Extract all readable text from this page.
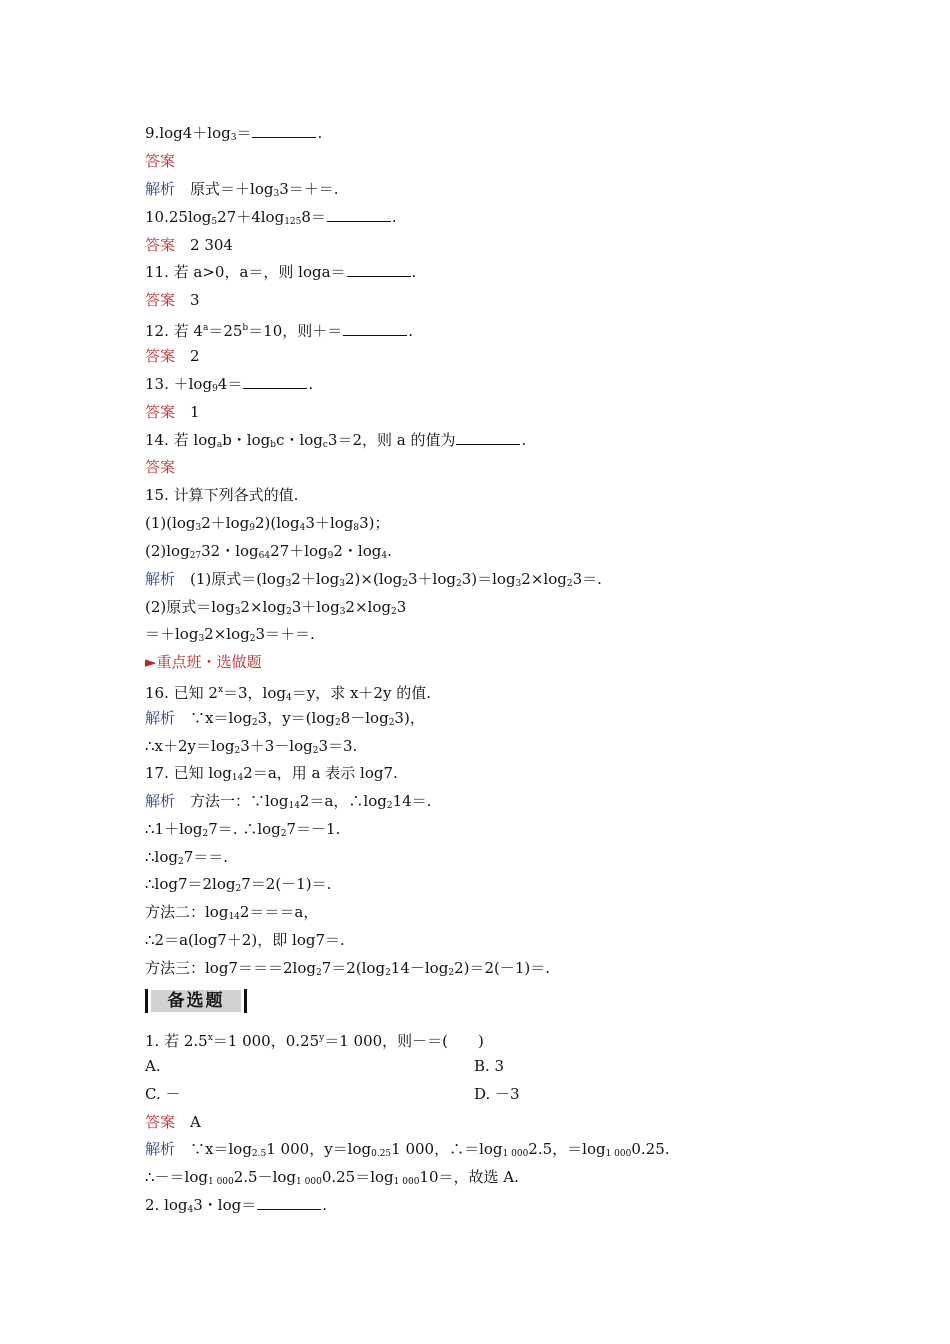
$9.\log 4+\log_3=$	.
答案
解析　 原式$=+\log_33=+=$.
$10.25\log_527+4\log_{125}8=$	.
答案　 2 304
11. 若 a>0，a＝，则 loga＝	.
答案　 3
12. 若 $4^a=25^b=10$，则＋＝	.
答案　 2
13. $+\log_94=$	.
答案　 1
14. 若 $\log_ab$・$\log_bc$・$\log_c3=2$，则 a 的值为	.
答案
15. 计算下列各式的值.
$(1)(\log_32+\log_92)(\log_43+\log_83)$；
$(2)\log_{27}32$・$\log_{64}27+\log_92$・$\log_4$.
解析　 (1)原式$=(\log_32+\log_32)\times(\log_23+\log_23)=\log_32\times\log_23=$.
(2)原式$=\log_32\times\log_23+\log_32\times\log_23$
$=+\log_32\times\log_23=+=$.
►重点班・选做题
16. 已知 $2^x=3$，$\log_4=y$，求 x＋2y 的值.
解析　 $\because x=\log_23$，$y=(\log_28-\log_23)$，
$\therefore x+2y=\log_23+3-\log_23=3$.
17. 已知 $\log_{14}2=a$，用 a 表示 log7.
解析　 方法一：$\because\log_{14}2=a$，$\therefore\log_214=$.
$\therefore 1+\log_27=$. $\therefore\log_27=-1$.
$\therefore\log_27==$.
$\therefore\log 7=2\log_27=2(-1)=$.
方法二：$\log_{14}2===a$，
∴2＝a(log7＋2)，即 log7＝.
方法三：$\log 7===2\log_27=2(\log_214-\log_22)=2(-1)=$.
备选题
1. 若 $2.5^x=1$ 000，$0.25^y=1$ 000，则－＝(　　)
A.	B. 3
C. －	D. －3
答案　 A
解析　 $\because x=\log_{2.5}1$ 000，$y=\log_{0.25}1$ 000，$\therefore=\log_{1 000}2.5$，$=\log_{1 000}0.25$.
$\therefore-=\log_{1 000}2.5-\log_{1 000}0.25=\log_{1 000}10=$，故选 A.
2. $\log_43$・log＝	.
